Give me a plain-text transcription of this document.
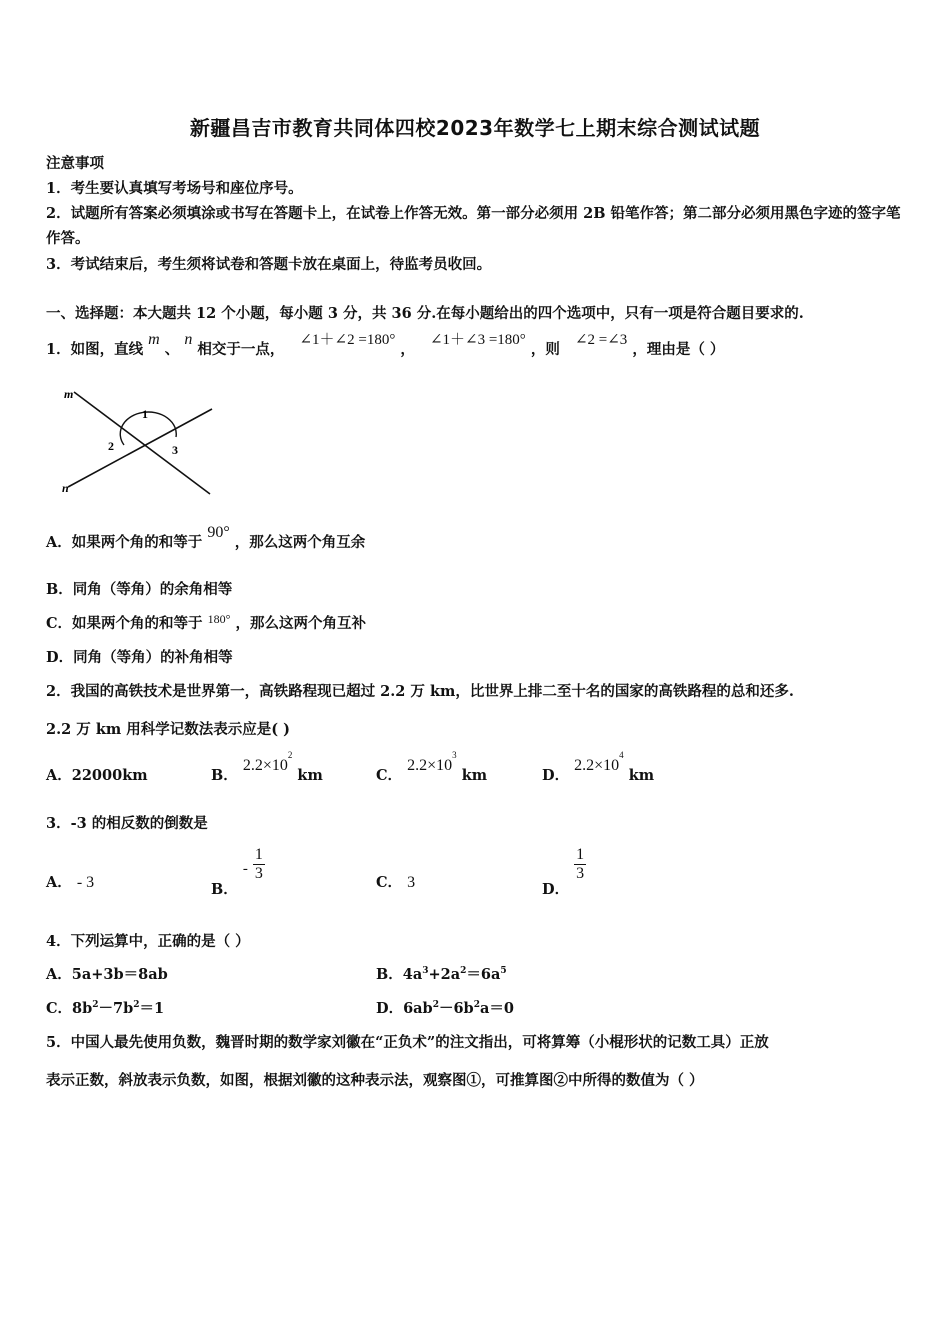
新疆昌吉市教育共同体四校2023年数学七上期末综合测试试题
注意事项
1．考生要认真填写考场号和座位序号。
2．试题所有答案必须填涂或书写在答题卡上，在试卷上作答无效。第一部分必须用 2B 铅笔作答；第二部分必须用黑色字迹的签字笔作答。
3．考试结束后，考生须将试卷和答题卡放在桌面上，待监考员收回。
一、选择题：本大题共 12 个小题，每小题 3 分，共 36 分.在每小题给出的四个选项中，只有一项是符合题目要求的.
1．如图，直线 m 、 n 相交于一点， ∠1＋∠2 =180° ， ∠1＋∠3 =180° ，则 ∠2 =∠3 ，理由是（ ）
m
n
1
2	3
A．如果两个角的和等于 90° ，那么这两个角互余
B．同角（等角）的余角相等
C．如果两个角的和等于 $^{180^\circ}$ ，那么这两个角互补
D．同角（等角）的补角相等
2．我国的高铁技术是世界第一，高铁路程现已超过 2.2 万 km，比世界上排二至十名的国家的高铁路程的总和还多.
2.2 万 km 用科学记数法表示应是( )
A．22000km	B． $2.2\times 10^2$ km	C． $2.2\times 10^3$ km	D． $2.2\times 10^4$ km
3．-3 的相反数的倒数是
A． - 3	B． - $\frac{1}{3}$	C． 3	D．
$\frac{1}{3}$
4．下列运算中，正确的是（ ）
A．5a+3b＝8ab	B．$4a^3+2a^2=6a^5$
C．$8b^2-7b^2=1$	D．$6ab^2-6b^2a=0$
5．中国人最先使用负数，魏晋时期的数学家刘徽在“正负术”的注文指出，可将算筹（小棍形状的记数工具）正放
表示正数，斜放表示负数，如图，根据刘徽的这种表示法，观察图①，可推算图②中所得的数值为（ ）
